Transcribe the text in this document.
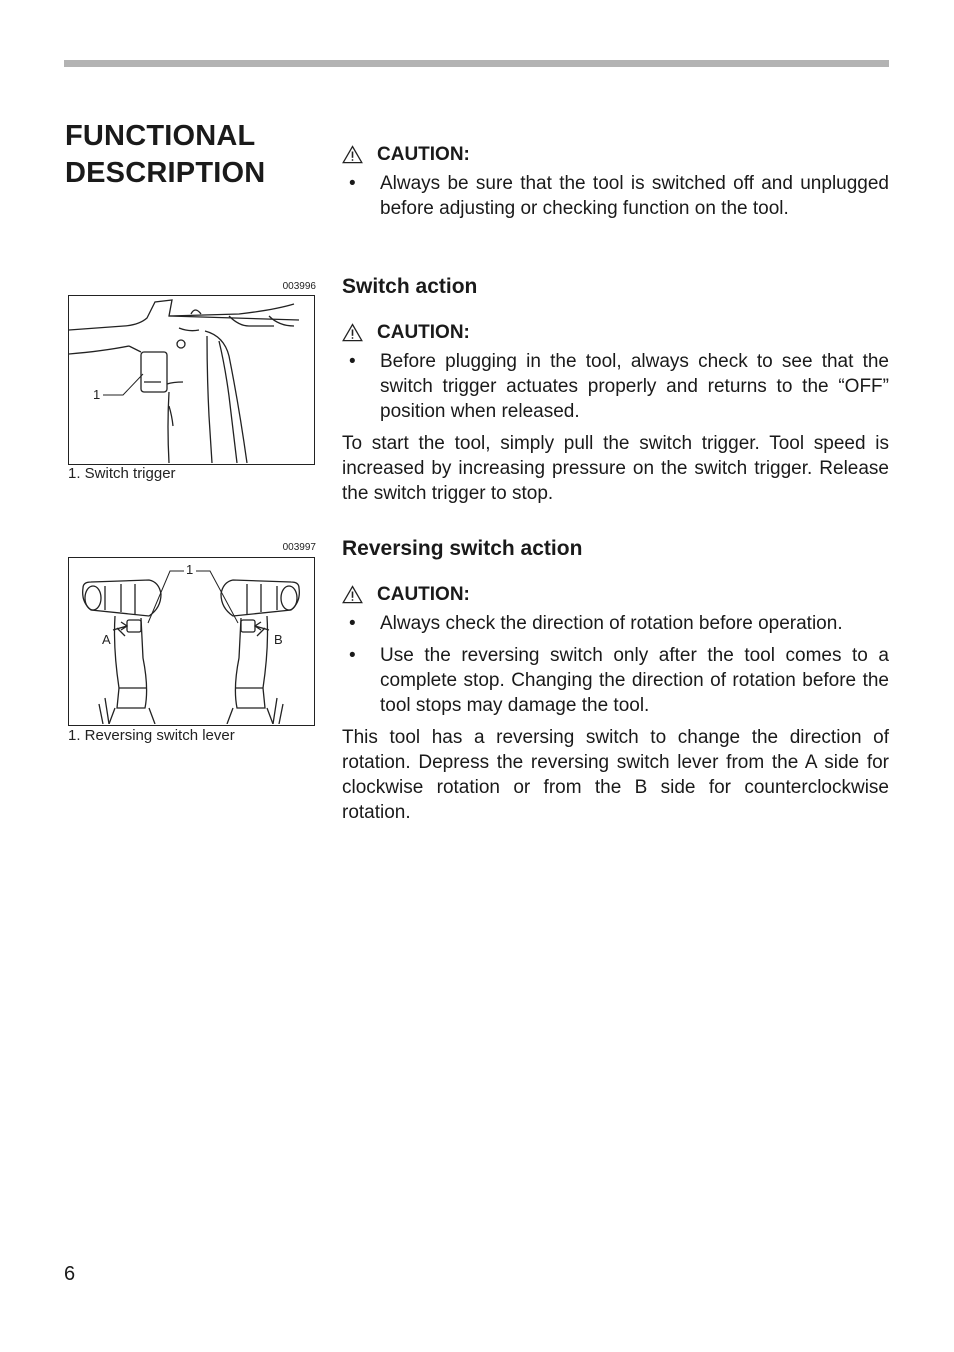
FUNCTIONAL
DESCRIPTION
CAUTION:
• Always be sure that the tool is switched off and unplugged before adjusting or checking function on the tool.
003996
1
1. Switch trigger
Switch action
CAUTION:
• Before plugging in the tool, always check to see that the switch trigger actuates properly and returns to the “OFF” position when released.

To start the tool, simply pull the switch trigger. Tool speed is increased by increasing pressure on the switch trigger. Release the switch trigger to stop.

003997
1
A	B
1. Reversing switch lever
Reversing switch action
CAUTION:
• Always check the direction of rotation before operation.
• Use the reversing switch only after the tool comes to a complete stop. Changing the direction of rotation before the tool stops may damage the tool.

This tool has a reversing switch to change the direction of rotation. Depress the reversing switch lever from the A side for clockwise rotation or from the B side for counterclockwise rotation.

6
